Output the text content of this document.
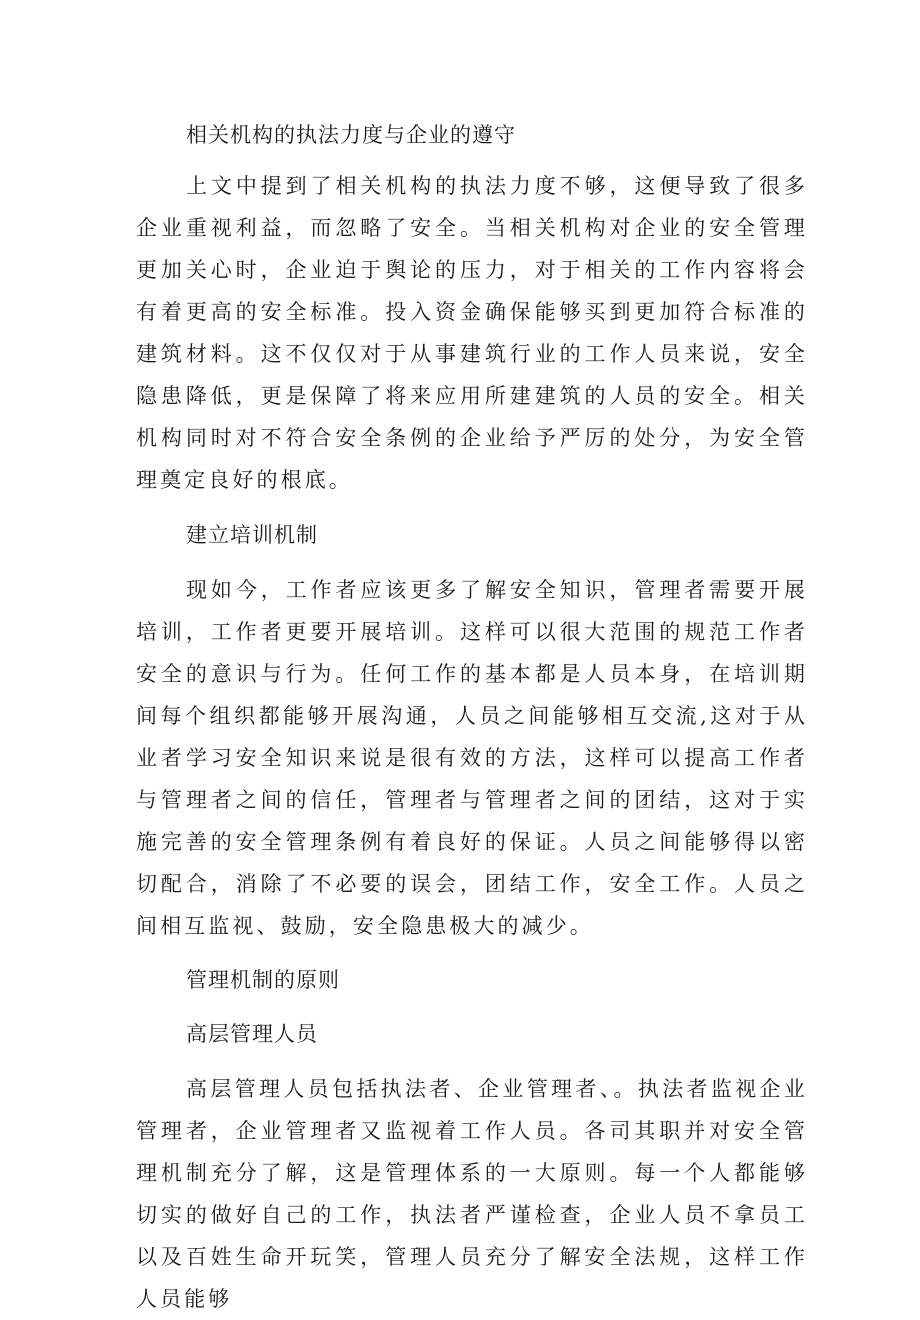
相关机构的执法力度与企业的遵守

上文中提到了相关机构的执法力度不够，这便导致了很多企业重视利益，而忽略了安全。当相关机构对企业的安全管理更加关心时，企业迫于舆论的压力，对于相关的工作内容将会有着更高的安全标准。投入资金确保能够买到更加符合标准的建筑材料。这不仅仅对于从事建筑行业的工作人员来说，安全隐患降低，更是保障了将来应用所建建筑的人员的安全。相关机构同时对不符合安全条例的企业给予严厉的处分，为安全管理奠定良好的根底。

建立培训机制

现如今，工作者应该更多了解安全知识，管理者需要开展培训，工作者更要开展培训。这样可以很大范围的规范工作者安全的意识与行为。任何工作的基本都是人员本身，在培训期间每个组织都能够开展沟通，人员之间能够相互交流,这对于从业者学习安全知识来说是很有效的方法，这样可以提高工作者与管理者之间的信任，管理者与管理者之间的团结，这对于实施完善的安全管理条例有着良好的保证。人员之间能够得以密切配合，消除了不必要的误会，团结工作，安全工作。人员之间相互监视、鼓励，安全隐患极大的减少。

管理机制的原则
高层管理人员

高层管理人员包括执法者、企业管理者、。执法者监视企业管理者，企业管理者又监视着工作人员。各司其职并对安全管理机制充分了解，这是管理体系的一大原则。每一个人都能够切实的做好自己的工作，执法者严谨检查，企业人员不拿员工以及百姓生命开玩笑，管理人员充分了解安全法规，这样工作人员能够
